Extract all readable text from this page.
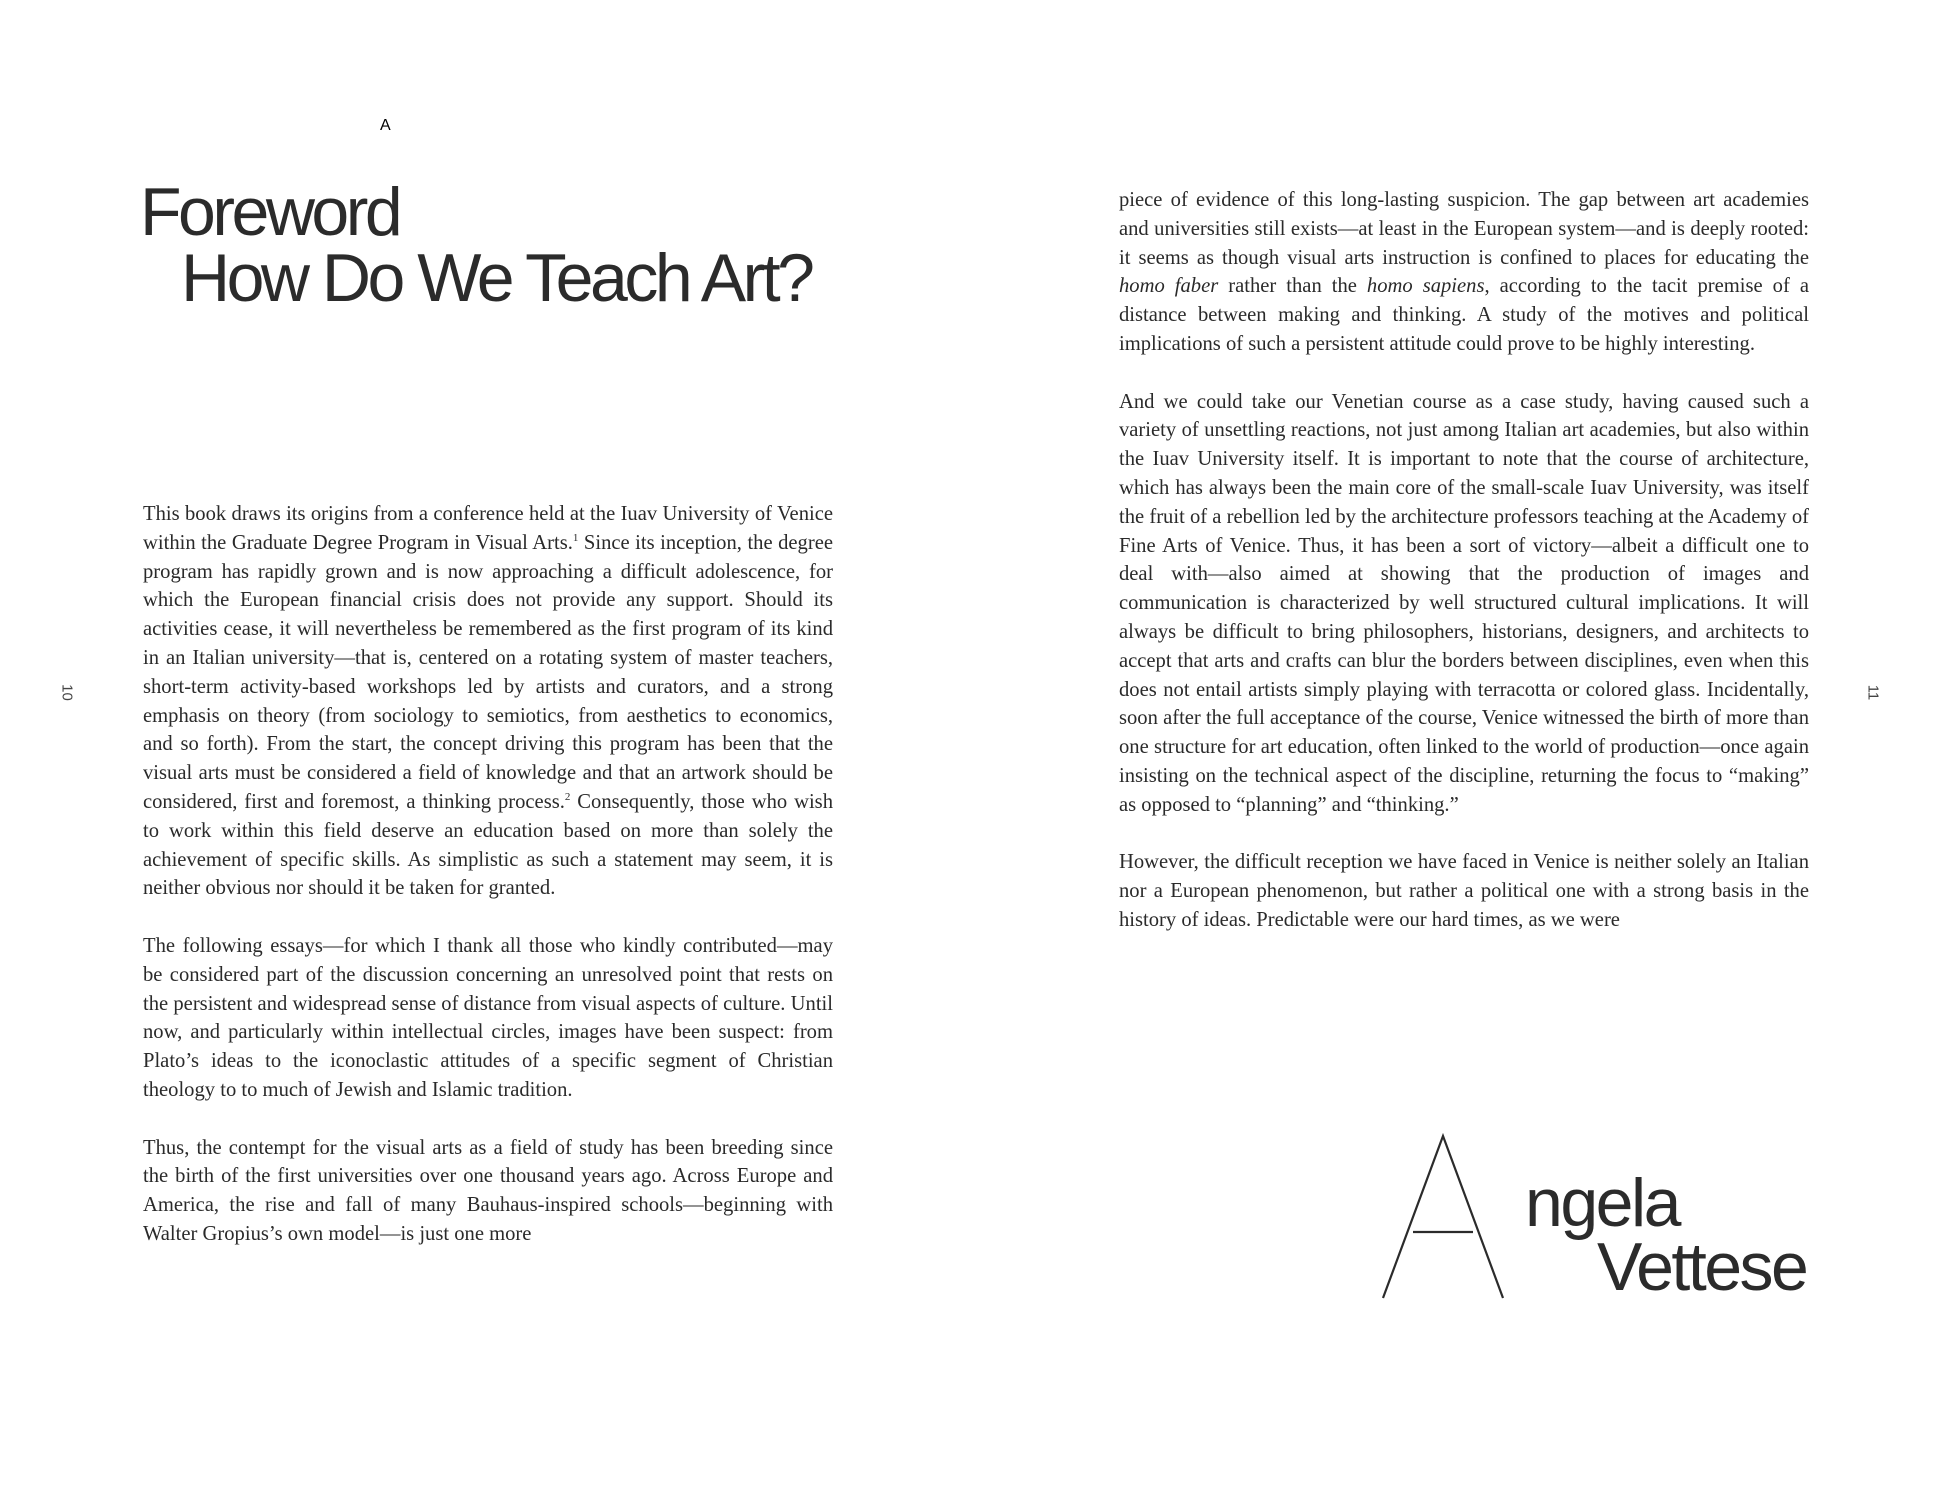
Foreword
How Do We Teach Art?
10

This book draws its origins from a conference held at the Iuav University of Venice within the Graduate Degree Program in Visual Arts.$^1$ Since its inception, the degree program has rapidly grown and is now approaching a difficult adolescence, for which the European financial crisis does not provide any support. Should its activities cease, it will nevertheless be remembered as the first program of its kind in an Italian university—that is, centered on a rotating system of master teachers, short-term activity-based workshops led by artists and curators, and a strong emphasis on theory (from sociology to semiotics, from aesthetics to economics, and so forth). From the start, the concept driving this program has been that the visual arts must be considered a field of knowledge and that an artwork should be considered, first and foremost, a thinking process.$^2$ Consequently, those who wish to work within this field deserve an education based on more than solely the achievement of specific skills. As simplistic as such a statement may seem, it is neither obvious nor should it be taken for granted.

The following essays—for which I thank all those who kindly contributed—may be considered part of the discussion concerning an unresolved point that rests on the persistent and widespread sense of distance from visual aspects of culture. Until now, and particularly within intellectual circles, images have been suspect: from Plato’s ideas to the iconoclastic attitudes of a specific segment of Christian theology to to much of Jewish and Islamic tradition.

Thus, the contempt for the visual arts as a field of study has been breeding since the birth of the first universities over one thousand years ago. Across Europe and America, the rise and fall of many Bauhaus-inspired schools—beginning with Walter Gropius’s own model—is just one more

piece of evidence of this long-lasting suspicion. The gap between art academies and universities still exists—at least in the European system—and is deeply rooted: it seems as though visual arts instruction is confined to places for educating the homo faber rather than the homo sapiens, according to the tacit premise of a distance between making and thinking. A study of the motives and political implications of such a persistent attitude could prove to be highly interesting.

And we could take our Venetian course as a case study, having caused such a variety of unsettling reactions, not just among Italian art academies, but also within the Iuav University itself. It is important to note that the course of architecture, which has always been the main core of the small-scale Iuav University, was itself the fruit of a rebellion led by the architecture professors teaching at the Academy of Fine Arts of Venice. Thus, it has been a sort of victory—albeit a difficult one to deal with—also aimed at showing that the production of images and communication is characterized by well structured cultural implications. It will always be difficult to bring philosophers, historians, designers, and architects to accept that arts and crafts can blur the borders between disciplines, even when this does not entail artists simply playing with terracotta or colored glass. Incidentally, soon after the full acceptance of the course, Venice witnessed the birth of more than one structure for art education, often linked to the world of production—once again insisting on the technical aspect of the discipline, returning the focus to “making” as opposed to “planning” and “thinking.”

However, the difficult reception we have faced in Venice is neither solely an Italian nor a European phenomenon, but rather a political one with a strong basis in the history of ideas. Predictable were our hard times, as we were

11
A
ngela
Vettese
